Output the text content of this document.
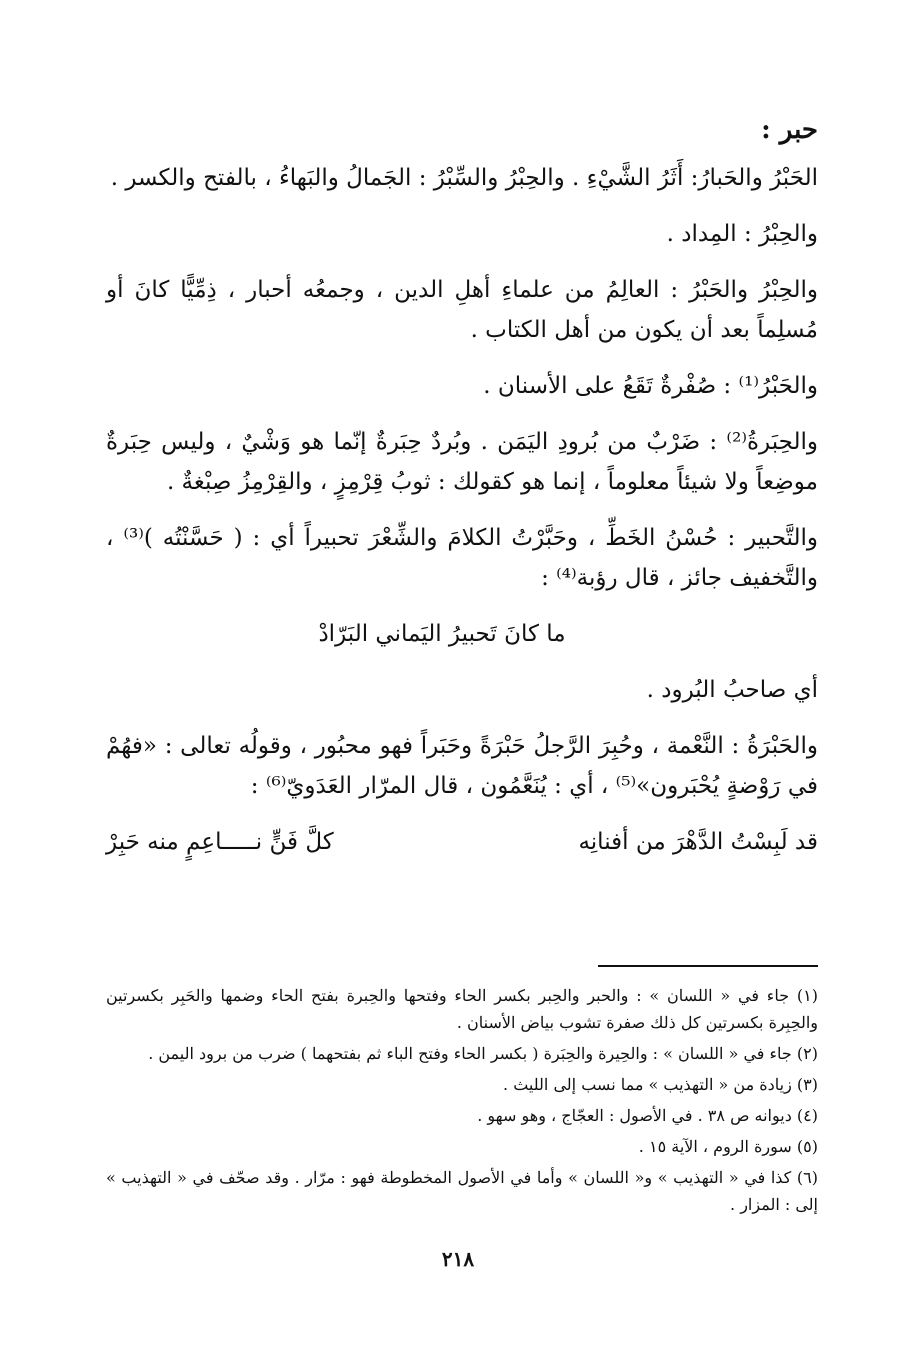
حبر :

الحَبْرُ والحَبارُ: أَثَرُ الشَّيْءِ . والحِبْرُ والسِّبْرُ : الجَمالُ والبَهاءُ ، بالفتح والكسر .

والحِبْرُ : المِداد .

والحِبْرُ والحَبْرُ : العالِمُ من علماءِ أهلِ الدين ، وجمعُه أحبار ، ذِمِّيًّا كانَ أو مُسلِماً بعد أن يكون من أهل الكتاب .

والحَبْرُ⁽¹⁾ : صُفْرةٌ تَقَعُ على الأسنان .

والحِبَرةُ⁽²⁾ : ضَرْبٌ من بُرودِ اليَمَن . وبُردٌ حِبَرةٌ إنّما هو وَشْيٌ ، وليس حِبَرةٌ موضِعاً ولا شيئاً معلوماً ، إنما هو كقولك : ثوبُ قِرْمِزٍ ، والقِرْمِزُ صِبْغةٌ .

والتَّحبير : حُسْنُ الخَطِّ ، وحَبَّرْتُ الكلامَ والشِّعْرَ تحبيراً أي : ( حَسَّنْتُه )⁽³⁾ ، والتَّخفيف جائز ، قال رؤبة⁽⁴⁾ :

ما كانَ تَحبيرُ اليَماني البَرّادْ

أي صاحبُ البُرود .

والحَبْرَةُ : النَّعْمة ، وحُبِرَ الرَّجلُ حَبْرَةً وحَبَراً فهو محبُور ، وقولُه تعالى : «فهُمْ في رَوْضةٍ يُحْبَرون»⁽⁵⁾ ، أي : يُنَعَّمُون ، قال المرّار العَدَويّ⁽⁶⁾ :

قد لَبِسْتُ الدَّهْرَ من أفنانِه
كلَّ فَنٍّ نـــــاعِمٍ منه حَبِرْ
(١) جاء في « اللسان » : والحبر والحِبر بكسر الحاء وفتحها والحِبرة بفتح الحاء وضمها والحَبِر بكسرتين والحِبِرة بكسرتين كل ذلك صفرة تشوب بياض الأسنان .
(٢) جاء في « اللسان » : والحِيرة والحِبَرة ( بكسر الحاء وفتح الباء ثم بفتحهما ) ضرب من برود اليمن .
(٣) زيادة من « التهذيب » مما نسب إلى الليث .
(٤) ديوانه ص ٣٨ . في الأصول : العجّاج ، وهو سهو .
(٥) سورة الروم ، الآية ١٥ .
(٦) كذا في « التهذيب » و« اللسان » وأما في الأصول المخطوطة فهو : مرّار . وقد صحّف في « التهذيب » إلى : المزار .
٢١٨
